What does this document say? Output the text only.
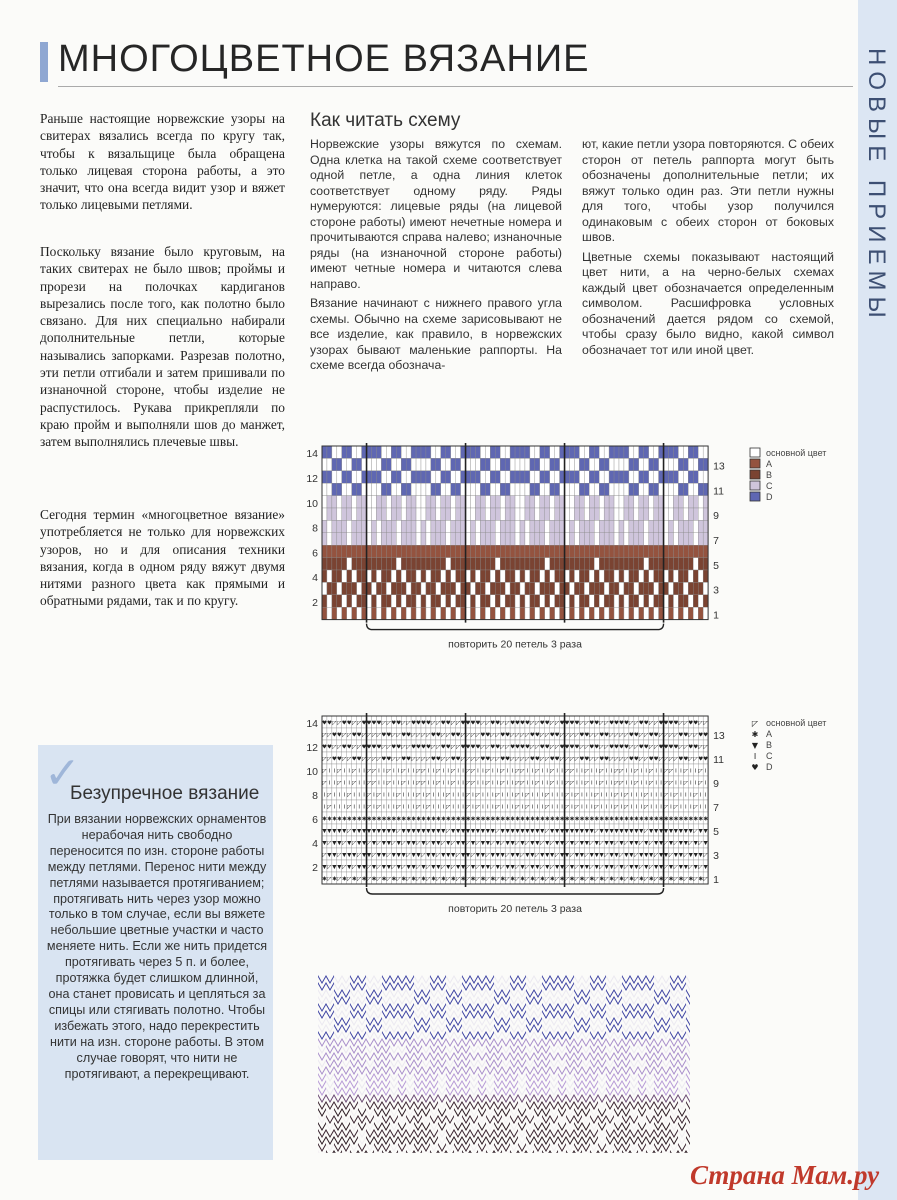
МНОГОЦВЕТНОЕ ВЯЗАНИЕ	НОВЫЕ ПРИЕМЫ

Раньше настоящие норвежские узоры на свитерах вязались всегда по кругу так, чтобы к вязальщице была обращена только лицевая сторона работы, а это значит, что она всегда видит узор и вяжет только лицевыми петлями.

Поскольку вязание было круговым, на таких свитерах не было швов; проймы и прорези на полочках кардиганов вырезались после того, как полотно было связано. Для них специально набирали дополнительные петли, которые назывались запорками. Разрезав полотно, эти петли отгибали и затем пришивали по изнаночной стороне, чтобы изделие не распустилось. Рукава прикрепляли по краю пройм и выполняли шов до манжет, затем выполнялись плечевые швы.

Сегодня термин «многоцветное вязание» употребляется не только для норвежских узоров, но и для описания техники вязания, когда в одном ряду вяжут двумя нитями разного цвета как прямыми и обратными рядами, так и по кругу.

Как читать схему

Норвежские узоры вяжутся по схемам. Одна клетка на такой схеме соответствует одной петле, а одна линия клеток соответствует одному ряду. Ряды нумеруются: лицевые ряды (на лицевой стороне работы) имеют нечетные номера и прочитываются справа налево; изнаночные ряды (на изнаночной стороне работы) имеют четные номера и читаются слева направо.

Вязание начинают с нижнего правого угла схемы. Обычно на схеме зарисовывают не все изделие, как правило, в норвежских узорах бывают маленькие раппорты. На схеме всегда обознача-

ют, какие петли узора повторяются. С обеих сторон от петель раппорта могут быть обозначены дополнительные петли; их вяжут только один раз. Эти петли нужны для того, чтобы узор получился одинаковым с обеих сторон от боковых швов.

Цветные схемы показывают настоящий цвет нити, а на черно-белых схемах каждый цвет обозначается определенным символом. Расшифровка условных обозначений дается рядом со схемой, чтобы сразу было видно, какой символ обозначает тот или иной цвет.

14
12
10
8
6
4
2
13
11
9
7
5
3
1
повторить 20 петель 3 раза
основной цвет
A
B
C
D
♥ ♥ ◸ ◸ ♥ ♥ ◸ ◸ ♥ ♥ ♥ ♥ ◸ ◸ ♥ ♥ ◸ ◸ ♥ ♥ ♥ ♥ ◸ ◸ ♥ ♥ ◸ ◸ ♥ ♥ ♥ ♥ ◸ ◸ ♥ ♥ ◸ ◸ ♥ ♥ ♥ ♥ ◸ ◸ ♥ ♥ ◸ ◸ ♥ ♥ ♥ ♥ ◸ ◸ ♥ ♥ ◸ ◸ ♥ ♥ ♥ ♥ ◸ ◸ ♥ ♥ ◸ ◸ ♥ ♥ ♥ ♥ ◸ ◸ ♥ ♥ ◸ ◸
◸ ◸ ♥ ♥ ◸ ◸ ♥ ♥ ◸ ◸ ◸ ◸ ♥ ♥ ◸ ◸ ♥ ♥ ◸ ◸ ◸ ◸ ♥ ♥ ◸ ◸ ♥ ♥ ◸ ◸ ◸ ◸ ♥ ♥ ◸ ◸ ♥ ♥ ◸ ◸ ◸ ◸ ♥ ♥ ◸ ◸ ♥ ♥ ◸ ◸ ◸ ◸ ♥ ♥ ◸ ◸ ♥ ♥ ◸ ◸ ◸ ◸ ♥ ♥ ◸ ◸ ♥ ♥ ◸ ◸ ◸ ◸ ♥ ♥ ◸ ◸ ♥ ♥
♥ ♥ ◸ ◸ ♥ ♥ ◸ ◸ ♥ ♥ ♥ ♥ ◸ ◸ ♥ ♥ ◸ ◸ ♥ ♥ ♥ ♥ ◸ ◸ ♥ ♥ ◸ ◸ ♥ ♥ ♥ ♥ ◸ ◸ ♥ ♥ ◸ ◸ ♥ ♥ ♥ ♥ ◸ ◸ ♥ ♥ ◸ ◸ ♥ ♥ ♥ ♥ ◸ ◸ ♥ ♥ ◸ ◸ ♥ ♥ ♥ ♥ ◸ ◸ ♥ ♥ ◸ ◸ ♥ ♥ ♥ ♥ ◸ ◸ ♥ ♥ ◸ ◸
◸ ◸ ♥ ♥ ◸ ◸ ♥ ♥ ◸ ◸ ◸ ◸ ♥ ♥ ◸ ◸ ♥ ♥ ◸ ◸ ◸ ◸ ♥ ♥ ◸ ◸ ♥ ♥ ◸ ◸ ◸ ◸ ♥ ♥ ◸ ◸ ♥ ♥ ◸ ◸ ◸ ◸ ♥ ♥ ◸ ◸ ♥ ♥ ◸ ◸ ◸ ◸ ♥ ♥ ◸ ◸ ♥ ♥ ◸ ◸ ◸ ◸ ♥ ♥ ◸ ◸ ♥ ♥ ◸ ◸ ◸ ◸ ♥ ♥ ◸ ◸ ♥ ♥
◸ I I ◸ I I ◸ I I ◸ ◸ I I ◸ I I ◸ I I ◸ ◸ I I ◸ I I ◸ I I ◸ ◸ I I ◸ I I ◸ I I ◸ ◸ I I ◸ I I ◸ I I ◸ ◸ I I ◸ I I ◸ I I ◸ ◸ I I ◸ I I ◸ I I ◸ ◸ I I ◸ I I ◸ I
◸ I I ◸ I I ◸ I I ◸ ◸ I I ◸ I I ◸ I I ◸ ◸ I I ◸ I I ◸ I I ◸ ◸ I I ◸ I I ◸ I I ◸ ◸ I I ◸ I I ◸ I I ◸ ◸ I I ◸ I I ◸ I I ◸ ◸ I I ◸ I I ◸ I I ◸ ◸ I I ◸ I I ◸ I
I ◸ I I I ◸ I I I ◸ I ◸ I I I ◸ I I I ◸ I ◸ I I I ◸ I I I ◸ I ◸ I I I ◸ I I I ◸ I ◸ I I I ◸ I I I ◸ I ◸ I I I ◸ I I I ◸ I ◸ I I I ◸ I I I ◸ I ◸ I I I ◸ I I
I ◸ I I I ◸ I I I ◸ I ◸ I I I ◸ I I I ◸ I ◸ I I I ◸ I I I ◸ I ◸ I I I ◸ I I I ◸ I ◸ I I I ◸ I I I ◸ I ◸ I I I ◸ I I I ◸ I ◸ I I I ◸ I I I ◸ I ◸ I I I ◸ I I
✱ ✱ ✱ ✱ ✱ ✱ ✱ ✱ ✱ ✱ ✱ ✱ ✱ ✱ ✱ ✱ ✱ ✱ ✱ ✱ ✱ ✱ ✱ ✱ ✱ ✱ ✱ ✱ ✱ ✱ ✱ ✱ ✱ ✱ ✱ ✱ ✱ ✱ ✱ ✱ ✱ ✱ ✱ ✱ ✱ ✱ ✱ ✱ ✱ ✱ ✱ ✱ ✱ ✱ ✱ ✱ ✱ ✱ ✱ ✱ ✱ ✱ ✱ ✱ ✱ ✱ ✱ ✱ ✱ ✱ ✱ ✱ ✱ ✱ ✱ ✱ ✱ ✱
▼ ▼ ▼ ▼ ▼ ◸ ▼ ▼ ▼ ▼ ▼ ▼ ▼ ▼ ▼ ◸ ▼ ▼ ▼ ▼ ▼ ▼ ▼ ▼ ▼ ◸ ▼ ▼ ▼ ▼ ▼ ▼ ▼ ▼ ▼ ◸ ▼ ▼ ▼ ▼ ▼ ▼ ▼ ▼ ▼ ◸ ▼ ▼ ▼ ▼ ▼ ▼ ▼ ▼ ▼ ◸ ▼ ▼ ▼ ▼ ▼ ▼ ▼ ▼ ▼ ◸ ▼ ▼ ▼ ▼ ▼ ▼ ▼ ▼ ▼ ◸ ▼ ▼
▼ ◸ ▼ ▼ ◸ ▼ ◸ ▼ ▼ ◸ ▼ ◸ ▼ ▼ ◸ ▼ ◸ ▼ ▼ ◸ ▼ ◸ ▼ ▼ ◸ ▼ ◸ ▼ ▼ ◸ ▼ ◸ ▼ ▼ ◸ ▼ ◸ ▼ ▼ ◸ ▼ ◸ ▼ ▼ ◸ ▼ ◸ ▼ ▼ ◸ ▼ ◸ ▼ ▼ ◸ ▼ ◸ ▼ ▼ ◸ ▼ ◸ ▼ ▼ ◸ ▼ ◸ ▼ ▼ ◸ ▼ ◸ ▼ ▼ ◸ ▼ ◸ ▼
◸ ▼ ▼ ◸ ▼ ▼ ▼ ◸ ▼ ▼ ◸ ▼ ▼ ◸ ▼ ▼ ▼ ◸ ▼ ▼ ◸ ▼ ▼ ◸ ▼ ▼ ▼ ◸ ▼ ▼ ◸ ▼ ▼ ◸ ▼ ▼ ▼ ◸ ▼ ▼ ◸ ▼ ▼ ◸ ▼ ▼ ▼ ◸ ▼ ▼ ◸ ▼ ▼ ◸ ▼ ▼ ▼ ◸ ▼ ▼ ◸ ▼ ▼ ◸ ▼ ▼ ▼ ◸ ▼ ▼ ◸ ▼ ▼ ◸ ▼ ▼ ▼ ◸
▼ ◸ ▼ ▼ ◸ ▼ ◸ ▼ ▼ ◸ ▼ ◸ ▼ ▼ ◸ ▼ ◸ ▼ ▼ ◸ ▼ ◸ ▼ ▼ ◸ ▼ ◸ ▼ ▼ ◸ ▼ ◸ ▼ ▼ ◸ ▼ ◸ ▼ ▼ ◸ ▼ ◸ ▼ ▼ ◸ ▼ ◸ ▼ ▼ ◸ ▼ ◸ ▼ ▼ ◸ ▼ ◸ ▼ ▼ ◸ ▼ ◸ ▼ ▼ ◸ ▼ ◸ ▼ ▼ ◸ ▼ ◸ ▼ ▼ ◸ ▼ ◸ ▼
✱ ◸ ✱ ◸ ✱ ◸ ✱ ◸ ✱ ◸ ✱ ◸ ✱ ◸ ✱ ◸ ✱ ◸ ✱ ◸ ✱ ◸ ✱ ◸ ✱ ◸ ✱ ◸ ✱ ◸ ✱ ◸ ✱ ◸ ✱ ◸ ✱ ◸ ✱ ◸ ✱ ◸ ✱ ◸ ✱ ◸ ✱ ◸ ✱ ◸ ✱ ◸ ✱ ◸ ✱ ◸ ✱ ◸ ✱ ◸ ✱ ◸ ✱ ◸ ✱ ◸ ✱ ◸ ✱ ◸ ✱ ◸ ✱ ◸ ✱ ◸ ✱ ◸
14
12
10
8
6
4
2
13
11
9
7
5
3
1
повторить 20 петель 3 раза
◸ основной цвет
✱ A
▼ B
I C
♥ D
✓
Безупречное вязание

При вязании норвежских орнаментов нерабочая нить свободно переносится по изн. стороне работы между петлями. Перенос нити между петлями называется протягиванием; протягивать нить через узор можно только в том случае, если вы вяжете небольшие цветные участки и часто меняете нить. Если же нить придется протягивать через 5 п. и более, протяжка будет слишком длинной, она станет провисать и цепляться за спицы или стягивать полотно. Чтобы избежать этого, надо перекрестить нити на изн. стороне работы. В этом случае говорят, что нити не протягивают, а перекрещивают.

Страна Мам.ру
